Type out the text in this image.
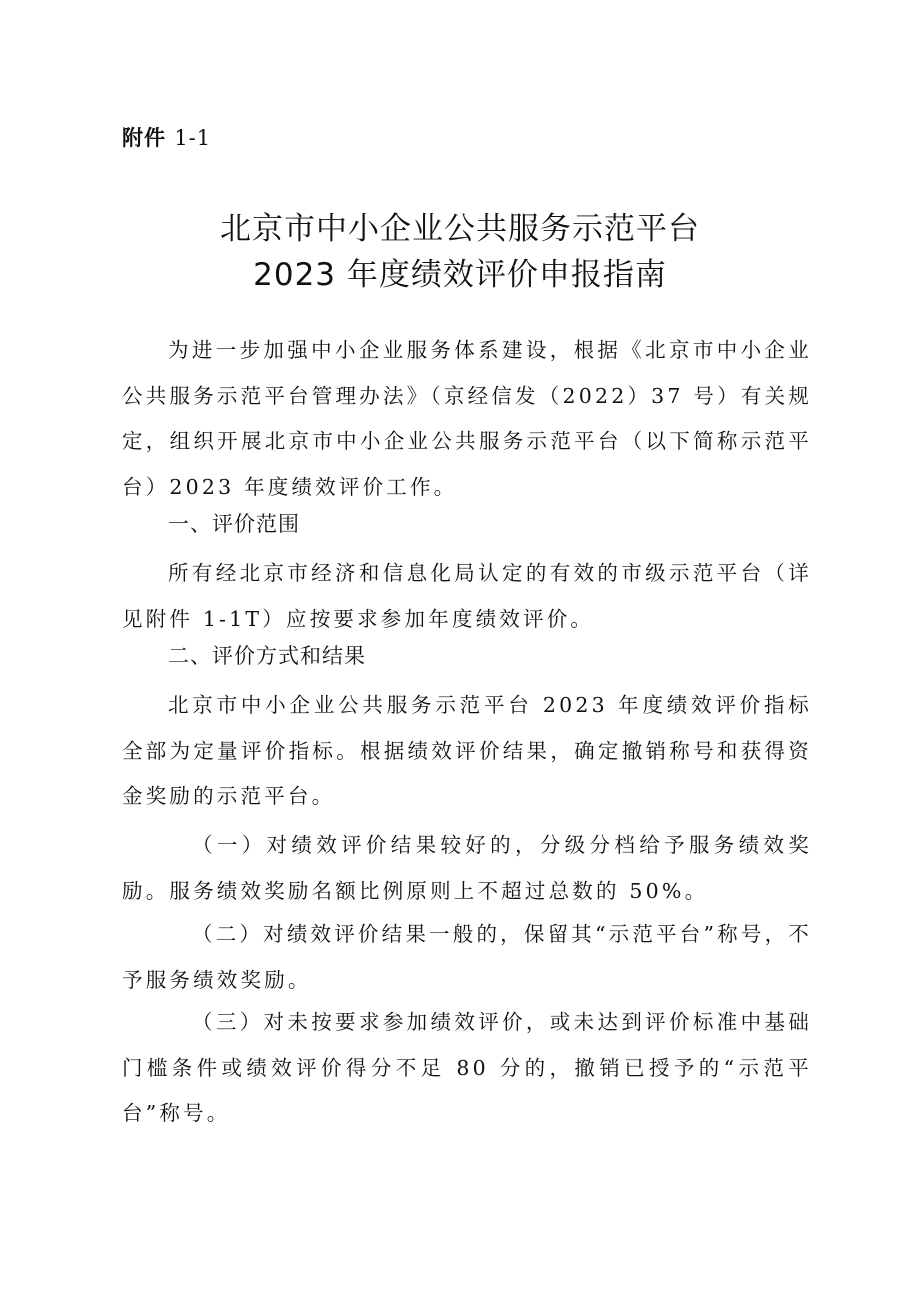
附件 1-1
北京市中小企业公共服务示范平台
2023 年度绩效评价申报指南
为进一步加强中小企业服务体系建设，根据《北京市中小企业公共服务示范平台管理办法》（京经信发（2022）37 号）有关规定，组织开展北京市中小企业公共服务示范平台（以下简称示范平台）2023 年度绩效评价工作。
一、评价范围
所有经北京市经济和信息化局认定的有效的市级示范平台（详见附件 1-1T）应按要求参加年度绩效评价。
二、评价方式和结果
北京市中小企业公共服务示范平台 2023 年度绩效评价指标全部为定量评价指标。根据绩效评价结果，确定撤销称号和获得资金奖励的示范平台。
（一）对绩效评价结果较好的，分级分档给予服务绩效奖励。服务绩效奖励名额比例原则上不超过总数的 50%。
（二）对绩效评价结果一般的，保留其“示范平台”称号，不予服务绩效奖励。
（三）对未按要求参加绩效评价，或未达到评价标准中基础门槛条件或绩效评价得分不足 80 分的，撤销已授予的“示范平台”称号。
